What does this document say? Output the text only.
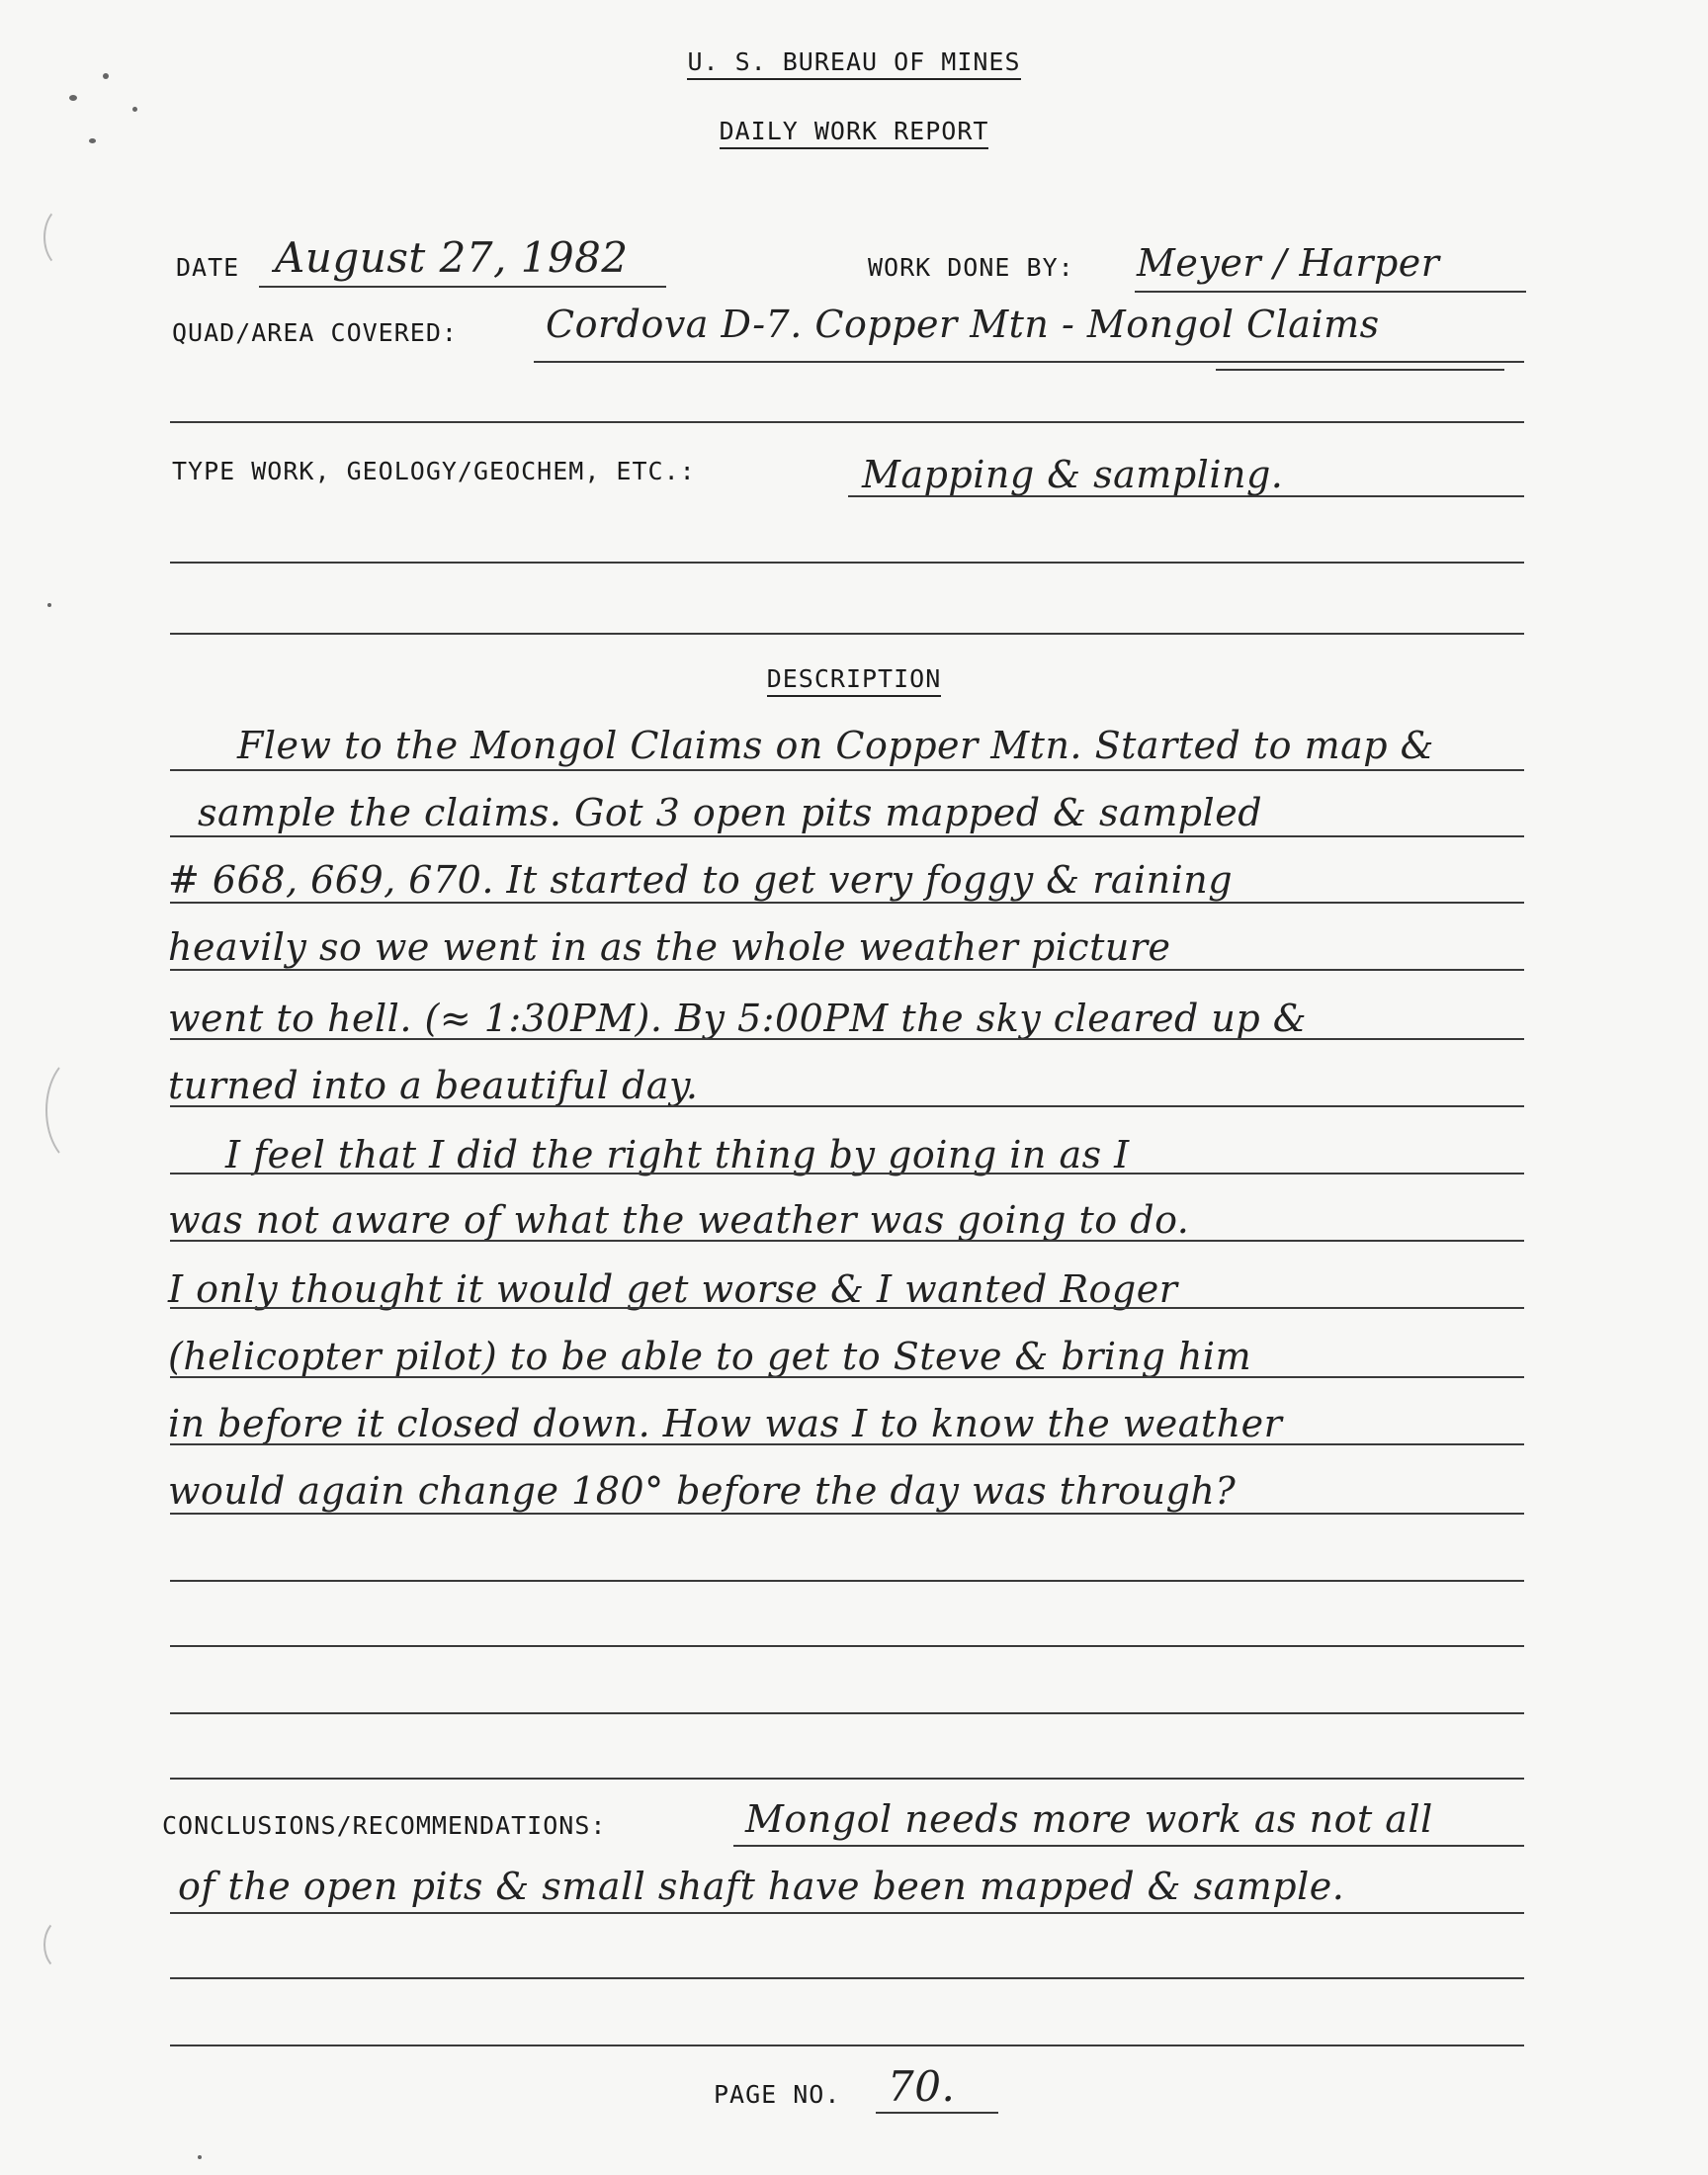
U. S. BUREAU OF MINES
DAILY WORK REPORT
DATE August 27, 1982	WORK DONE BY: Meyer / Harper
QUAD/AREA COVERED: Cordova D-7. Copper Mtn - Mongol Claims
TYPE WORK, GEOLOGY/GEOCHEM, ETC.:	Mapping & sampling.
DESCRIPTION
Flew to the Mongol Claims on Copper Mtn. Started to map &
sample the claims. Got 3 open pits mapped & sampled
# 668, 669, 670. It started to get very foggy & raining
heavily so we went in as the whole weather picture
went to hell. (≈ 1:30PM). By 5:00PM the sky cleared up &
turned into a beautiful day.
I feel that I did the right thing by going in as I
was not aware of what the weather was going to do.
I only thought it would get worse & I wanted Roger
(helicopter pilot) to be able to get to Steve & bring him
in before it closed down. How was I to know the weather
would again change 180° before the day was through?
CONCLUSIONS/RECOMMENDATIONS:	Mongol needs more work as not all
of the open pits & small shaft have been mapped & sample.
PAGE NO. 70.
